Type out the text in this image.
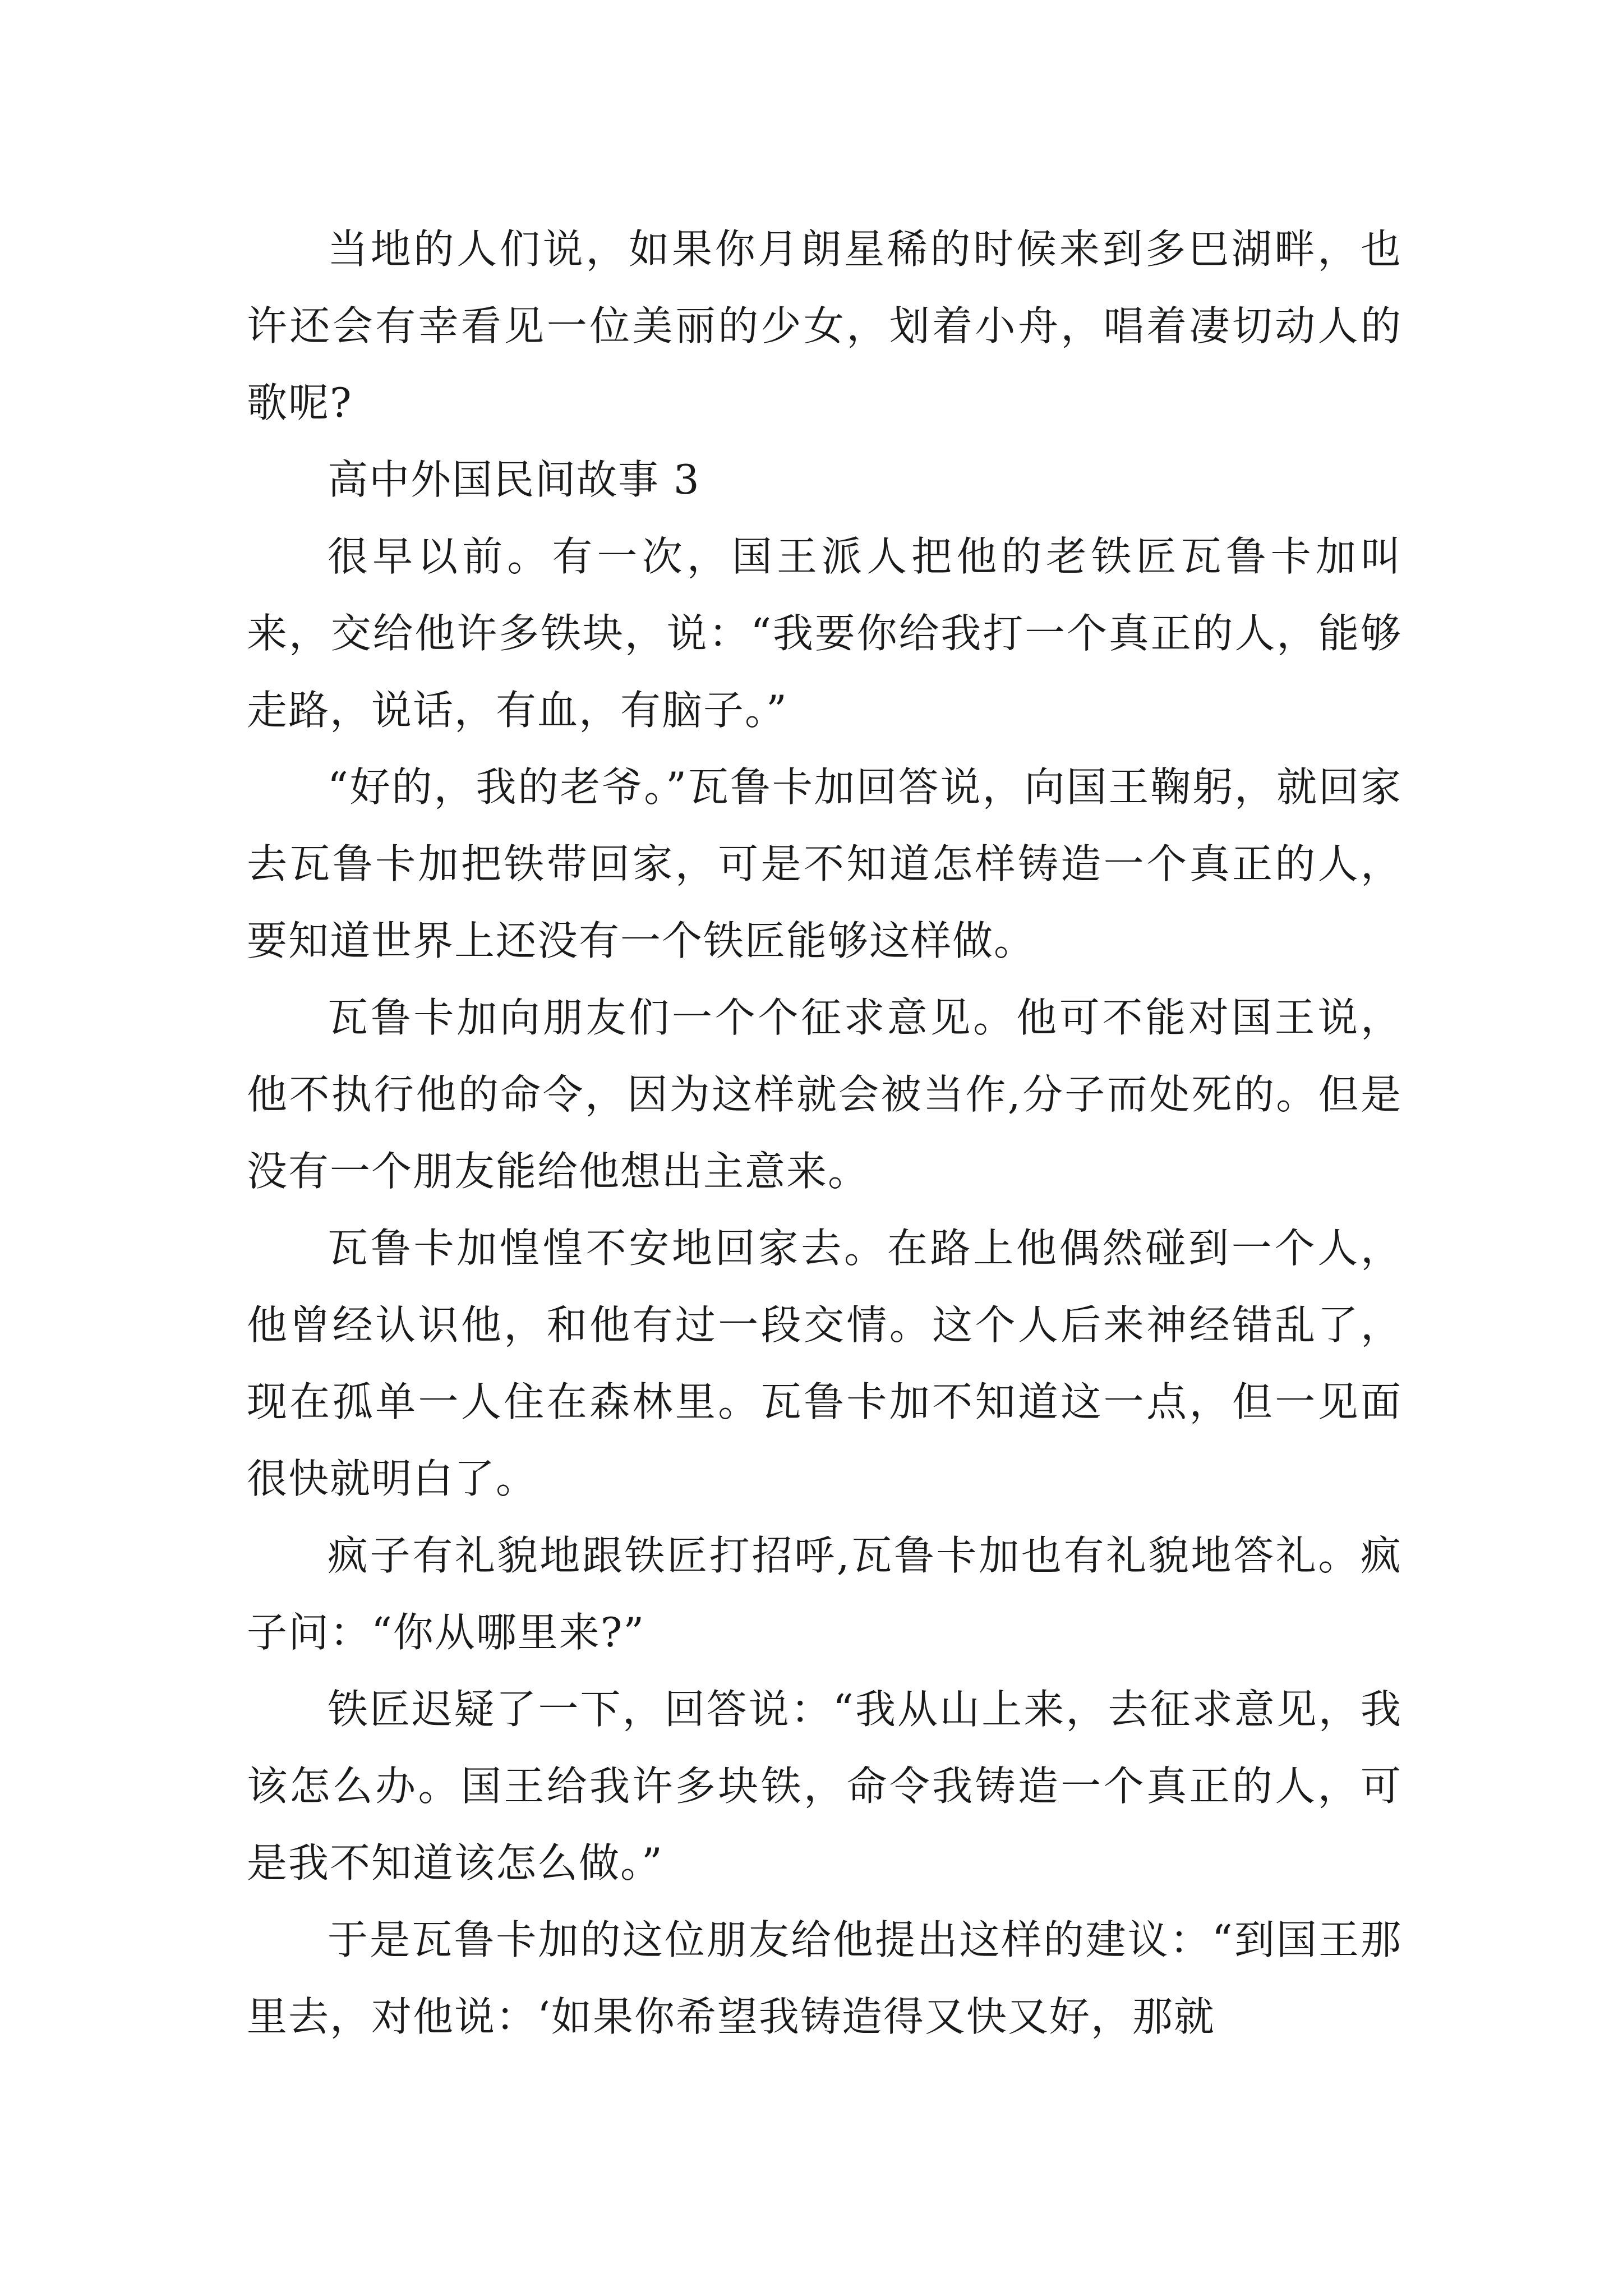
当地的人们说，如果你月朗星稀的时候来到多巴湖畔，也许还会有幸看见一位美丽的少女，划着小舟，唱着凄切动人的歌呢?

高中外国民间故事 3

很早以前。有一次，国王派人把他的老铁匠瓦鲁卡加叫来，交给他许多铁块，说：“我要你给我打一个真正的人，能够走路，说话，有血，有脑子。”

“好的，我的老爷。”瓦鲁卡加回答说，向国王鞠躬，就回家去瓦鲁卡加把铁带回家，可是不知道怎样铸造一个真正的人，要知道世界上还没有一个铁匠能够这样做。

瓦鲁卡加向朋友们一个个征求意见。他可不能对国王说，他不执行他的命令，因为这样就会被当作,分子而处死的。但是没有一个朋友能给他想出主意来。

瓦鲁卡加惶惶不安地回家去。在路上他偶然碰到一个人，他曾经认识他，和他有过一段交情。这个人后来神经错乱了，现在孤单一人住在森林里。瓦鲁卡加不知道这一点，但一见面很快就明白了。

疯子有礼貌地跟铁匠打招呼,瓦鲁卡加也有礼貌地答礼。疯子问：“你从哪里来?”

铁匠迟疑了一下，回答说：“我从山上来，去征求意见，我该怎么办。国王给我许多块铁，命令我铸造一个真正的人，可是我不知道该怎么做。”

于是瓦鲁卡加的这位朋友给他提出这样的建议：“到国王那里去，对他说：‘如果你希望我铸造得又快又好，那就
